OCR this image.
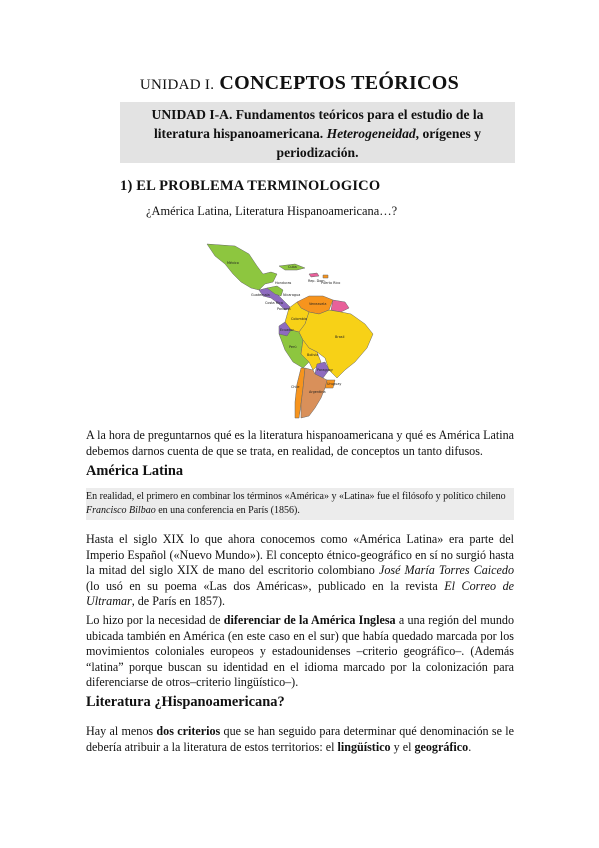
UNIDAD I. CONCEPTOS TEÓRICOS
UNIDAD I-A. Fundamentos teóricos para el estudio de la
literatura hispanoamericana. Heterogeneidad, orígenes y
periodización.
1) EL PROBLEMA TERMINOLOGICO
¿América Latina, Literatura Hispanoamericana…?
México
Cuba
Rep. Dom.
Puerto Rico
Guatemala
Honduras
Nicaragua
Costa Rica
Panamá
Venezuela
Colombia
Ecuador
Perú
Brasil
Bolivia
Paraguay
Chile
Argentina
Uruguay
A la hora de preguntarnos qué es la literatura hispanoamericana y qué es América Latina debemos darnos cuenta de que se trata, en realidad, de conceptos un tanto difusos.
América Latina
En realidad, el primero en combinar los términos «América» y «Latina» fue el filósofo y político chileno
Francisco Bilbao en una conferencia en París (1856).
Hasta el siglo XIX lo que ahora conocemos como «América Latina» era parte del Imperio Español («Nuevo Mundo»). El concepto étnico-geográfico en sí no surgió hasta la mitad del siglo XIX de mano del escritorio colombiano José María Torres Caicedo (lo usó en su poema «Las dos Américas», publicado en la revista El Correo de Ultramar, de París en 1857).
Lo hizo por la necesidad de diferenciar de la América Inglesa a una región del mundo ubicada también en América (en este caso en el sur) que había quedado marcada por los movimientos coloniales europeos y estadounidenses –criterio geográfico–. (Además “latina” porque buscan su identidad en el idioma marcado por la colonización para diferenciarse de otros–criterio lingüístico–).
Literatura ¿Hispanoamericana?
Hay al menos dos criterios que se han seguido para determinar qué denominación se le debería atribuir a la literatura de estos territorios: el lingüístico y el geográfico.
